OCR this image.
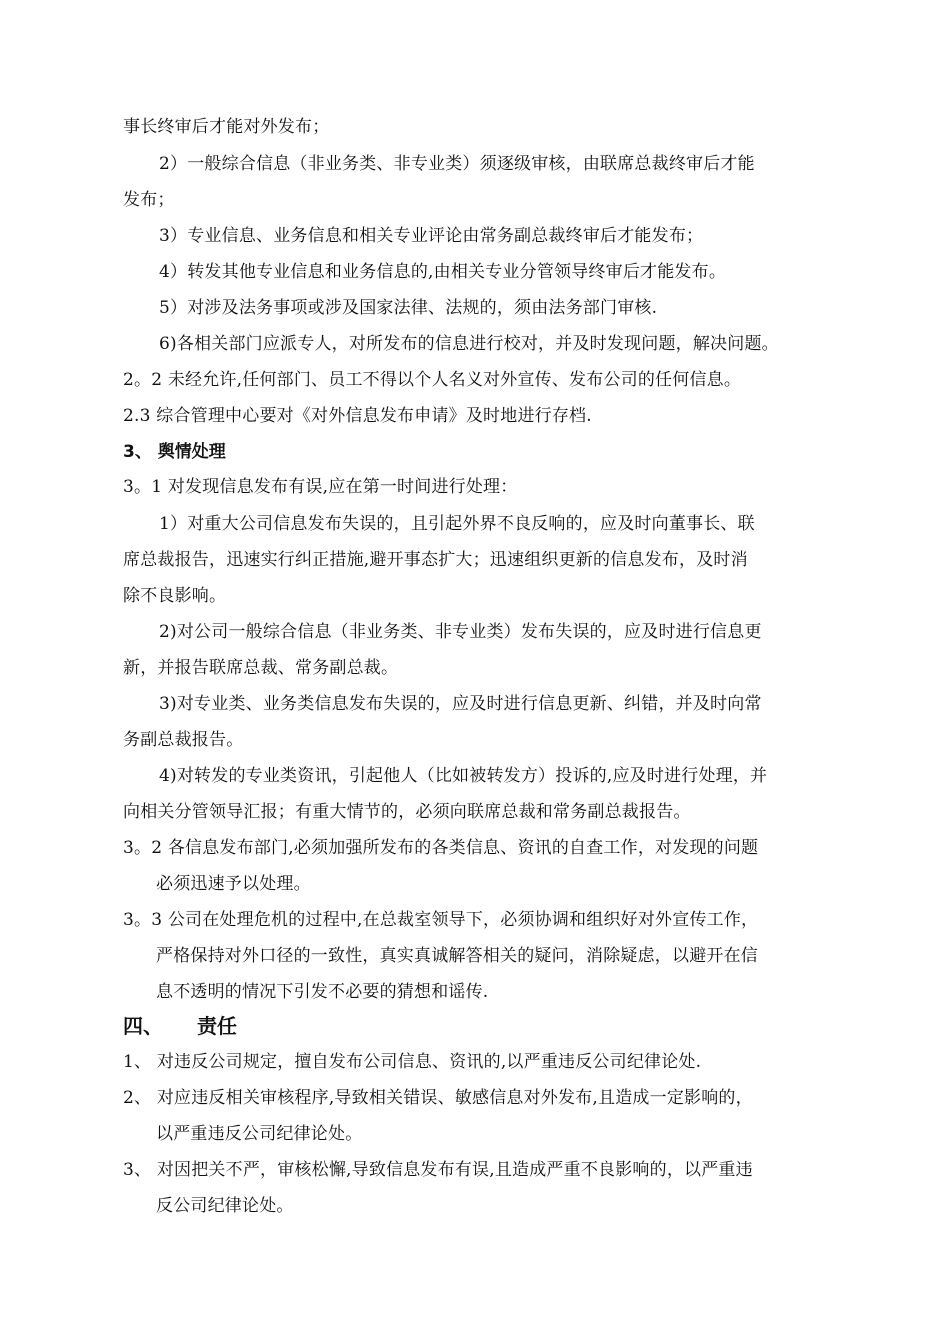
事长终审后才能对外发布；
2）一般综合信息（非业务类、非专业类）须逐级审核，由联席总裁终审后才能
发布；
3）专业信息、业务信息和相关专业评论由常务副总裁终审后才能发布；
4）转发其他专业信息和业务信息的,由相关专业分管领导终审后才能发布。
5）对涉及法务事项或涉及国家法律、法规的，须由法务部门审核.
6)各相关部门应派专人，对所发布的信息进行校对，并及时发现问题，解决问题。
2。2 未经允许,任何部门、员工不得以个人名义对外宣传、发布公司的任何信息。
2.3 综合管理中心要对《对外信息发布申请》及时地进行存档.
3、 舆情处理
3。1 对发现信息发布有误,应在第一时间进行处理：
1）对重大公司信息发布失误的，且引起外界不良反响的，应及时向董事长、联
席总裁报告，迅速实行纠正措施,避开事态扩大；迅速组织更新的信息发布，及时消
除不良影响。
2)对公司一般综合信息（非业务类、非专业类）发布失误的，应及时进行信息更
新，并报告联席总裁、常务副总裁。
3)对专业类、业务类信息发布失误的，应及时进行信息更新、纠错，并及时向常
务副总裁报告。
4)对转发的专业类资讯，引起他人（比如被转发方）投诉的,应及时进行处理，并
向相关分管领导汇报；有重大情节的，必须向联席总裁和常务副总裁报告。
3。2 各信息发布部门,必须加强所发布的各类信息、资讯的自查工作，对发现的问题
必须迅速予以处理。
3。3 公司在处理危机的过程中,在总裁室领导下，必须协调和组织好对外宣传工作，
严格保持对外口径的一致性，真实真诚解答相关的疑问，消除疑虑，以避开在信
息不透明的情况下引发不必要的猜想和谣传.
四、 责任
1、 对违反公司规定，擅自发布公司信息、资讯的,以严重违反公司纪律论处.
2、 对应违反相关审核程序,导致相关错误、敏感信息对外发布,且造成一定影响的，
以严重违反公司纪律论处。
3、 对因把关不严，审核松懈,导致信息发布有误,且造成严重不良影响的，以严重违
反公司纪律论处。
